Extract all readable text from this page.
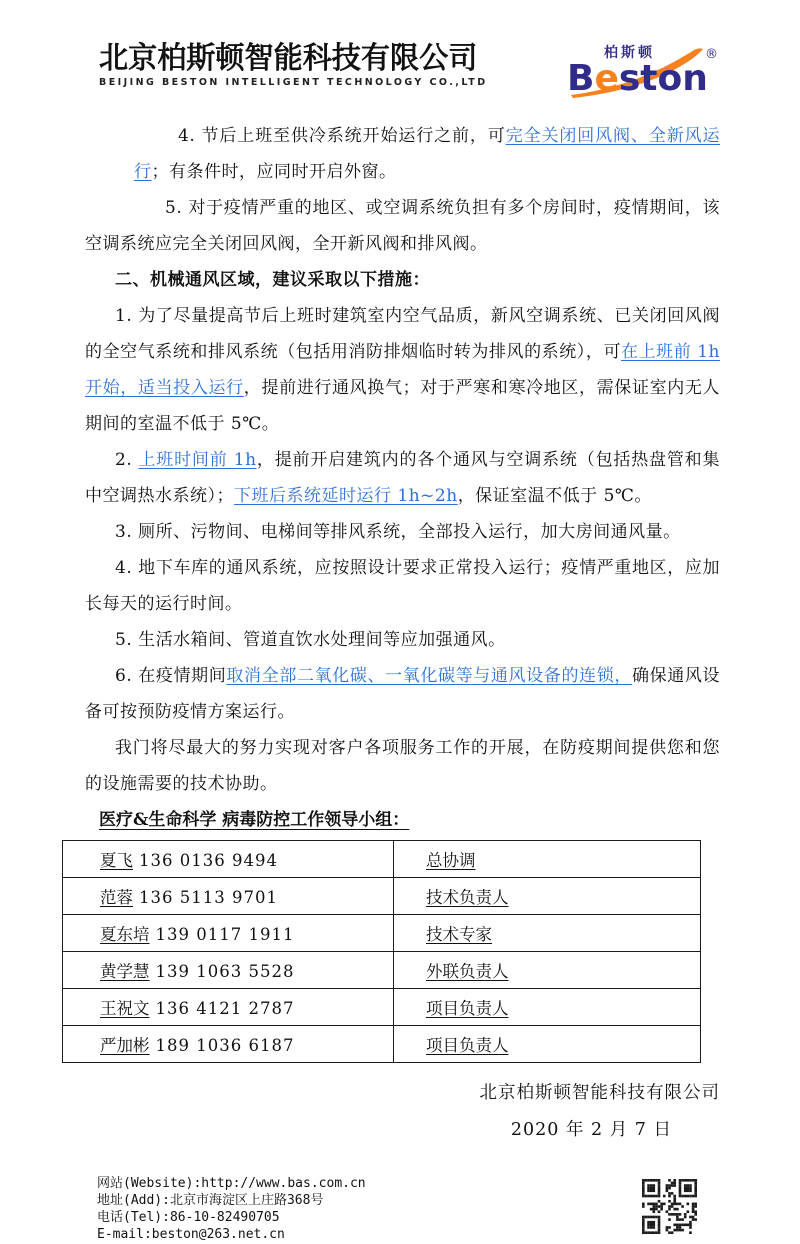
北京柏斯顿智能科技有限公司
BEIJING BESTON INTELLIGENT TECHNOLOGY CO.,LTD
柏斯顿
Beston
®

4. 节后上班至供冷系统开始运行之前，可完全关闭回风阀、全新风运行；有条件时，应同时开启外窗。

5. 对于疫情严重的地区、或空调系统负担有多个房间时，疫情期间，该空调系统应完全关闭回风阀，全开新风阀和排风阀。

二、机械通风区域，建议采取以下措施：

1. 为了尽量提高节后上班时建筑室内空气品质，新风空调系统、已关闭回风阀的全空气系统和排风系统（包括用消防排烟临时转为排风的系统），可在上班前 1h 开始，适当投入运行，提前进行通风换气；对于严寒和寒冷地区，需保证室内无人期间的室温不低于 5℃。

2. 上班时间前 1h，提前开启建筑内的各个通风与空调系统（包括热盘管和集中空调热水系统）；下班后系统延时运行 1h~2h，保证室温不低于 5℃。

3. 厕所、污物间、电梯间等排风系统，全部投入运行，加大房间通风量。

4. 地下车库的通风系统，应按照设计要求正常投入运行；疫情严重地区，应加长每天的运行时间。

5. 生活水箱间、管道直饮水处理间等应加强通风。

6. 在疫情期间取消全部二氧化碳、一氧化碳等与通风设备的连锁，确保通风设备可按预防疫情方案运行。

我门将尽最大的努力实现对客户各项服务工作的开展，在防疫期间提供您和您的设施需要的技术协助。

医疗&生命科学 病毒防控工作领导小组：
夏飞 136 0136 9494	总协调
范蓉 136 5113 9701	技术负责人
夏东培 139 0117 1911	技术专家
黄学慧 139 1063 5528	外联负责人
王祝文 136 4121 2787	项目负责人
严加彬 189 1036 6187	项目负责人
北京柏斯顿智能科技有限公司
2020 年 2 月 7 日
网站(Website):http://www.bas.com.cn
地址(Add):北京市海淀区上庄路368号
电话(Tel):86-10-82490705
E-mail:beston@263.net.cn
